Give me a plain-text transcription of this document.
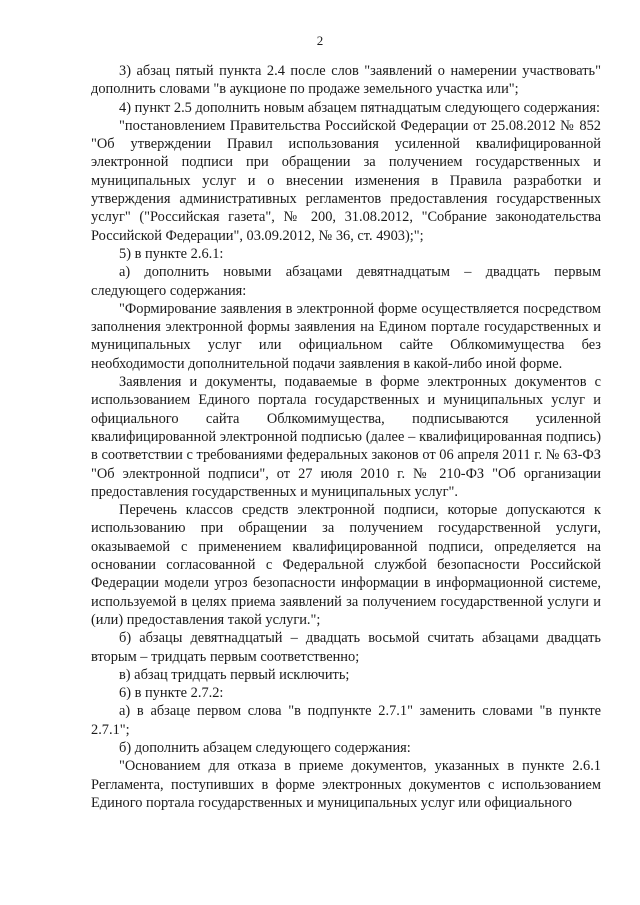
2
3) абзац пятый пункта 2.4 после слов "заявлений о намерении участвовать" дополнить словами "в аукционе по продаже земельного участка или";
4) пункт 2.5 дополнить новым абзацем пятнадцатым следующего содержания:
"постановлением Правительства Российской Федерации от 25.08.2012 № 852 "Об утверждении Правил использования усиленной квалифицированной электронной подписи при обращении за получением государственных и муниципальных услуг и о внесении изменения в Правила разработки и утверждения административных регламентов предоставления государственных услуг" ("Российская газета", № 200, 31.08.2012, "Собрание законодательства Российской Федерации", 03.09.2012, № 36, ст. 4903);";
5) в пункте 2.6.1:
а) дополнить новыми абзацами девятнадцатым – двадцать первым следующего содержания:
"Формирование заявления в электронной форме осуществляется посредством заполнения электронной формы заявления на Едином портале государственных и муниципальных услуг или официальном сайте Облкомимущества без необходимости дополнительной подачи заявления в какой-либо иной форме.
Заявления и документы, подаваемые в форме электронных документов с использованием Единого портала государственных и муниципальных услуг и официального сайта Облкомимущества, подписываются усиленной квалифицированной электронной подписью (далее – квалифицированная подпись) в соответствии с требованиями федеральных законов от 06 апреля 2011 г. № 63-ФЗ "Об электронной подписи", от 27 июля 2010 г. № 210-ФЗ "Об организации предоставления государственных и муниципальных услуг".
Перечень классов средств электронной подписи, которые допускаются к использованию при обращении за получением государственной услуги, оказываемой с применением квалифицированной подписи, определяется на основании согласованной с Федеральной службой безопасности Российской Федерации модели угроз безопасности информации в информационной системе, используемой в целях приема заявлений за получением государственной услуги и (или) предоставления такой услуги.";
б) абзацы девятнадцатый – двадцать восьмой считать абзацами двадцать вторым – тридцать первым соответственно;
в) абзац тридцать первый исключить;
6) в пункте 2.7.2:
а) в абзаце первом слова "в подпункте 2.7.1" заменить словами "в пункте 2.7.1";
б) дополнить абзацем следующего содержания:
"Основанием для отказа в приеме документов, указанных в пункте 2.6.1 Регламента, поступивших в форме электронных документов с использованием Единого портала государственных и муниципальных услуг или официального
